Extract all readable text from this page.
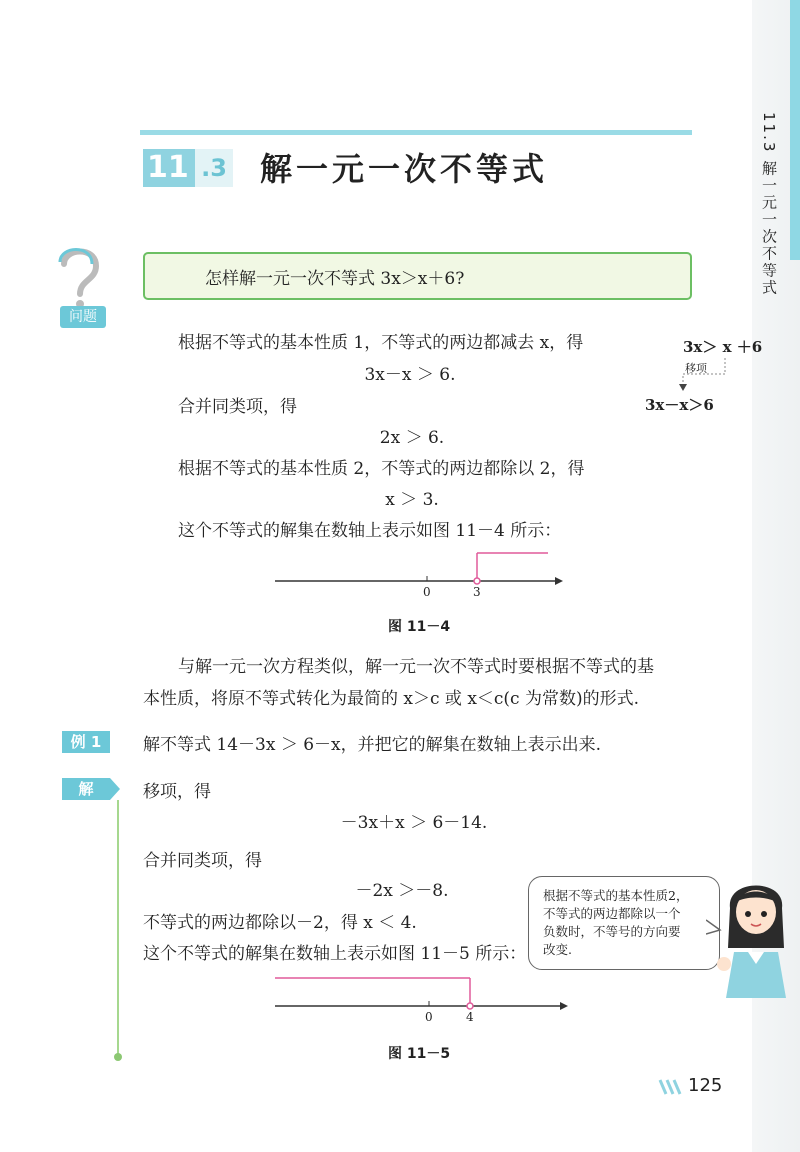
11.3 解一元一次不等式
11 .3 解一元一次不等式
问题
怎样解一元一次不等式 3x＞x＋6?
根据不等式的基本性质 1，不等式的两边都减去 x，得
3x－x ＞ 6.
合并同类项，得
2x ＞ 6.
根据不等式的基本性质 2，不等式的两边都除以 2，得
x ＞ 3.
这个不等式的解集在数轴上表示如图 11－4 所示：
3x＞ x ＋6
移项
3x－x＞6
0	3
图 11－4
与解一元一次方程类似，解一元一次不等式时要根据不等式的基
本性质，将原不等式转化为最简的 x＞c 或 x＜c(c 为常数)的形式.
例 1	解不等式 14－3x ＞ 6－x，并把它的解集在数轴上表示出来.
解	移项，得
－3x＋x ＞ 6－14.
合并同类项，得
－2x ＞－8.
不等式的两边都除以－2，得 x ＜ 4.
这个不等式的解集在数轴上表示如图 11－5 所示：
根据不等式的基本性质2，
不等式的两边都除以一个
负数时，不等号的方向要
改变.
0	4
图 11－5
125
